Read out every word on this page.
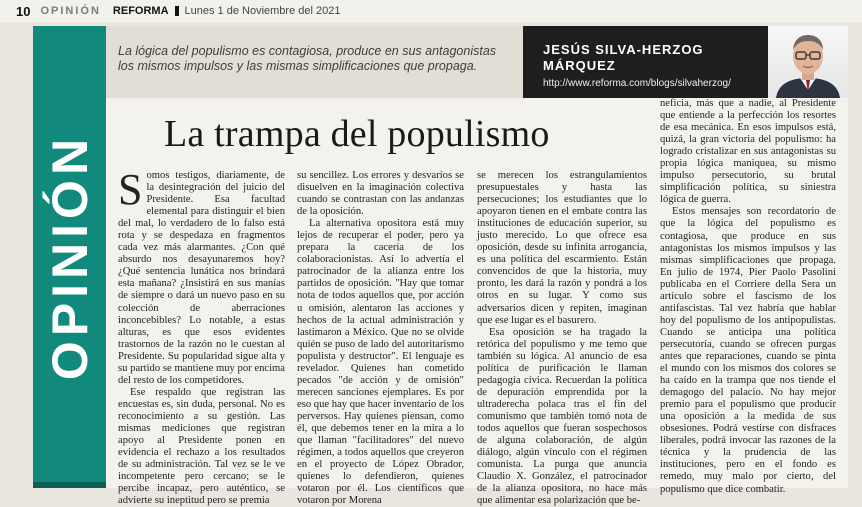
10 OPINIÓN REFORMA Lunes 1 de Noviembre del 2021
OPINIÓN
La lógica del populismo es contagiosa, produce en sus antagonistas los mismos impulsos y las mismas simplificaciones que propaga.
JESÚS SILVA-HERZOG
MÁRQUEZ
http://www.reforma.com/blogs/silvaherzog/
La trampa del populismo

Somos testigos, diariamente, de la desintegración del juicio del Presidente. Esa facultad elemental para distinguir el bien del mal, lo verdadero de lo falso está rota y se despedaza en fragmentos cada vez más alarmantes. ¿Con qué absurdo nos desayunaremos hoy? ¿Qué sentencia lunática nos brindará esta mañana? ¿Insistirá en sus manías de siempre o dará un nuevo paso en su colección de aberraciones inconcebibles? Lo notable, a estas alturas, es que esos evidentes trastornos de la razón no le cuestan al Presidente. Su popularidad sigue alta y su partido se mantiene muy por encima del resto de los competidores.

Ese respaldo que registran las encuestas es, sin duda, personal. No es reconocimiento a su gestión. Las mismas mediciones que registran apoyo al Presidente ponen en evidencia el rechazo a los resultados de su administración. Tal vez se le ve incompetente pero cercano; se le percibe incapaz, pero auténtico, se advierte su ineptitud pero se premia

su sencillez. Los errores y desvaríos se disuelven en la imaginación colectiva cuando se contrastan con las andanzas de la oposición.

La alternativa opositora está muy lejos de recuperar el poder, pero ya prepara la cacería de los colaboracionistas. Así lo advertía el patrocinador de la alianza entre los partidos de oposición. "Hay que tomar nota de todos aquellos que, por acción u omisión, alentaron las acciones y hechos de la actual administración y lastimaron a México. Que no se olvide quién se puso de lado del autoritarismo populista y destructor". El lenguaje es revelador. Quienes han cometido pecados "de acción y de omisión" merecen sanciones ejemplares. Es por eso que hay que hacer inventario de los perversos. Hay quienes piensan, como él, que debemos tener en la mira a lo que llaman "facilitadores" del nuevo régimen, a todos aquellos que creyeron en el proyecto de López Obrador, quienes lo defendieron, quienes votaron por él. Los científicos que votaron por Morena

se merecen los estrangulamientos presupuestales y hasta las persecuciones; los estudiantes que lo apoyaron tienen en el embate contra las instituciones de educación superior, su justo merecido. Lo que ofrece esa oposición, desde su infinita arrogancia, es una política del escarmiento. Están convencidos de que la historia, muy pronto, les dará la razón y pondrá a los otros en su lugar. Y como sus adversarios dicen y repiten, imaginan que ese lugar es el basurero.

Esa oposición se ha tragado la retórica del populismo y me temo que también su lógica. Al anuncio de esa política de purificación le llaman pedagogía cívica. Recuerdan la política de depuración emprendida por la ultraderecha polaca tras el fin del comunismo que también tomó nota de todos aquellos que fueran sospechosos de alguna colaboración, de algún diálogo, algún vínculo con el régimen comunista. La purga que anuncia Claudio X. González, el patrocinador de la alianza opositora, no hace más que alimentar esa polarización que be-

neficia, más que a nadie, al Presidente que entiende a la perfección los resortes de esa mecánica. En esos impulsos está, quizá, la gran victoria del populismo: ha logrado cristalizar en sus antagonistas su propia lógica maniquea, su mismo impulso persecutorio, su brutal simplificación política, su siniestra lógica de guerra.

Estos mensajes son recordatorio de que la lógica del populismo es contagiosa, que produce en sus antagonistas los mismos impulsos y las mismas simplificaciones que propaga. En julio de 1974, Pier Paolo Pasolini publicaba en el Corriere della Sera un artículo sobre el fascismo de los antifascistas. Tal vez habría que hablar hoy del populismo de los antipopulistas. Cuando se anticipa una política persecutoria, cuando se ofrecen purgas antes que reparaciones, cuando se pinta el mundo con los mismos dos colores se ha caído en la trampa que nos tiende el demagogo del palacio. No hay mejor premio para el populismo que producir una oposición a la medida de sus obsesiones. Podrá vestirse con disfraces liberales, podrá invocar las razones de la técnica y la prudencia de las instituciones, pero en el fondo es remedo, muy malo por cierto, del populismo que dice combatir.
